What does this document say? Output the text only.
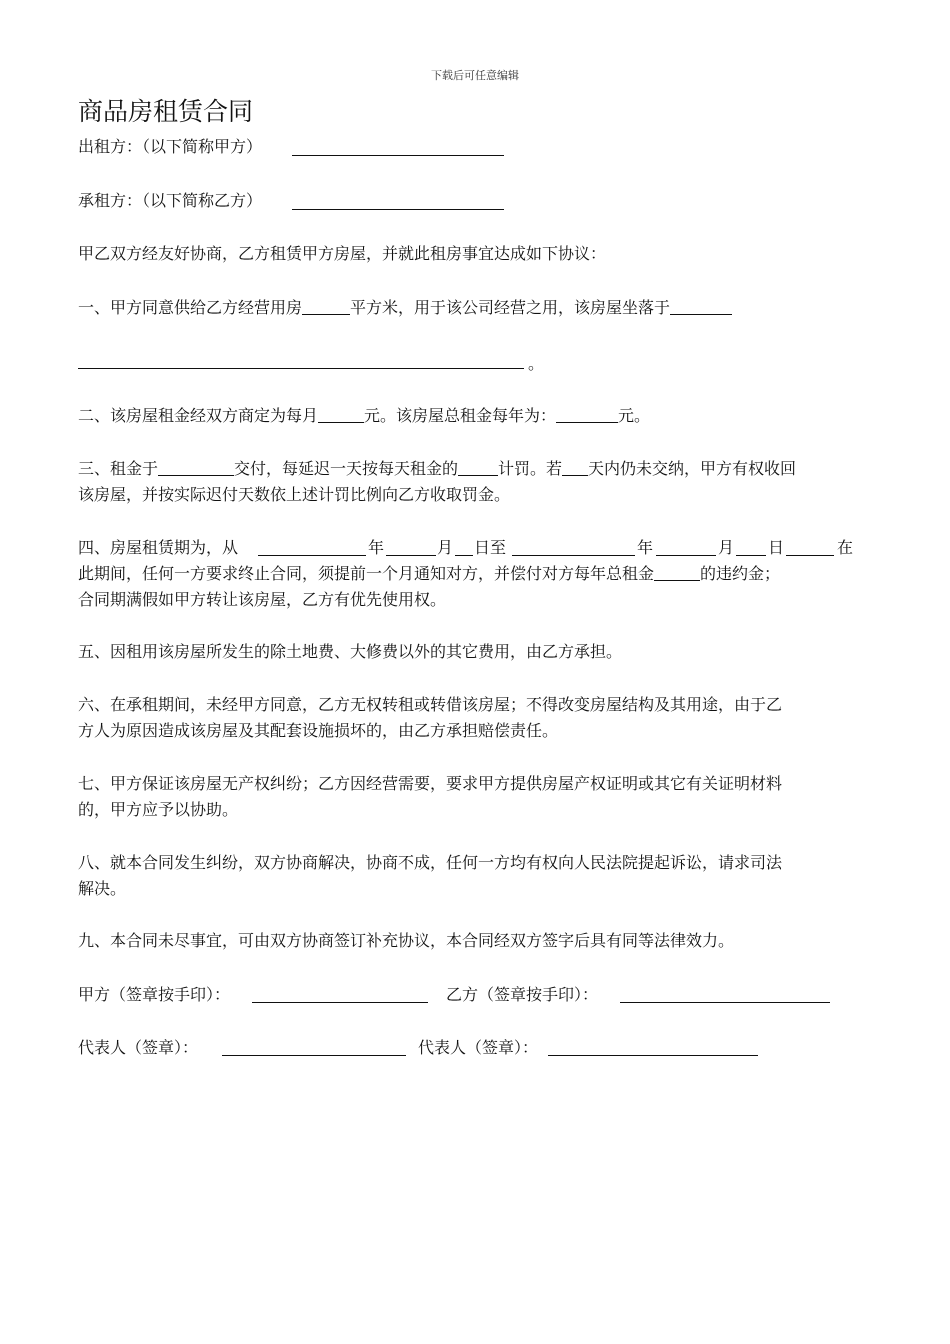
下载后可任意编辑
商品房租赁合同
出租方：（以下简称甲方）
承租方：（以下简称乙方）
甲乙双方经友好协商，乙方租赁甲方房屋，并就此租房事宜达成如下协议：
一、甲方同意供给乙方经营用房	平方米，用于该公司经营之用，该房屋坐落于
。
二、该房屋租金经双方商定为每月	元。该房屋总租金每年为：	元。
三、租金于	交付，每延迟一天按每天租金的	计罚。若 天内仍未交纳，甲方有权收回
该房屋，并按实际迟付天数依上述计罚比例向乙方收取罚金。
四、房屋租赁期为，从	年	月 日至	年	月 日	在
此期间，任何一方要求终止合同，须提前一个月通知对方，并偿付对方每年总租金	的违约金；
合同期满假如甲方转让该房屋，乙方有优先使用权。
五、因租用该房屋所发生的除土地费、大修费以外的其它费用，由乙方承担。
六、在承租期间，未经甲方同意，乙方无权转租或转借该房屋；不得改变房屋结构及其用途，由于乙
方人为原因造成该房屋及其配套设施损坏的，由乙方承担赔偿责任。
七、甲方保证该房屋无产权纠纷；乙方因经营需要，要求甲方提供房屋产权证明或其它有关证明材料
的，甲方应予以协助。
八、就本合同发生纠纷，双方协商解决，协商不成，任何一方均有权向人民法院提起诉讼，请求司法
解决。
九、本合同未尽事宜，可由双方协商签订补充协议，本合同经双方签字后具有同等法律效力。
甲方（签章按手印）：	乙方（签章按手印）：
代表人（签章）：	代表人（签章）：
